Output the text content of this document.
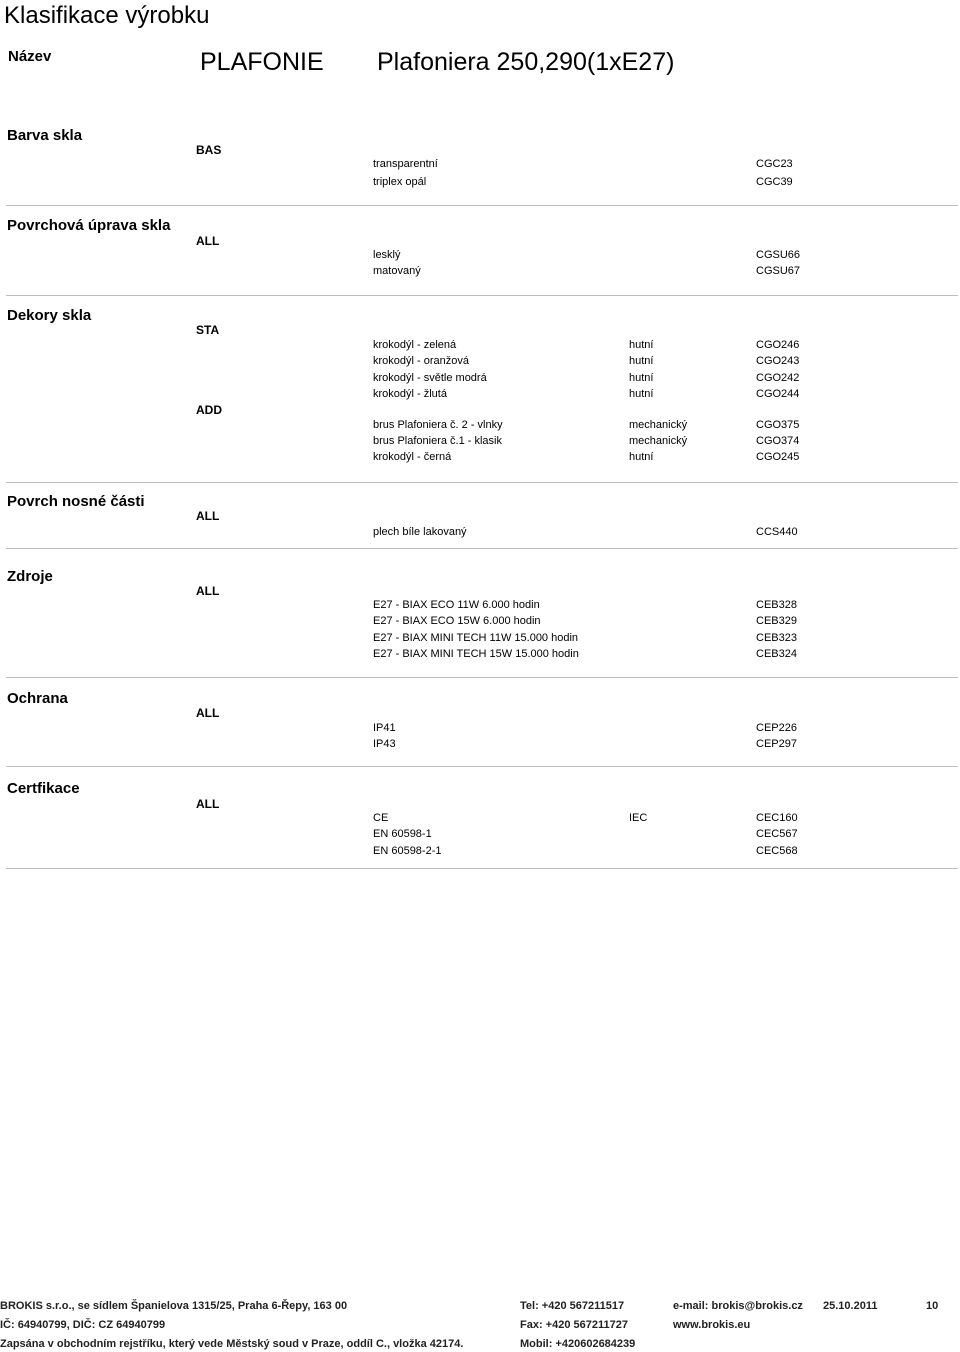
Klasifikace výrobku
Název	PLAFONIE Plafoniera 250,290(1xE27)
Barva skla
BAS
transparentní	CGC23
triplex opál	CGC39
Povrchová úprava skla
ALL
lesklý	CGSU66
matovaný	CGSU67
Dekory skla
STA
krokodýl - zelená	hutní	CGO246
krokodýl - oranžová	hutní	CGO243
krokodýl - světle modrá	hutní	CGO242
krokodýl - žlutá	hutní	CGO244
ADD
brus Plafoniera č. 2 - vlnky	mechanický	CGO375
brus Plafoniera č.1 - klasik	mechanický	CGO374
krokodýl - černá	hutní	CGO245
Povrch nosné části
ALL
plech bíle lakovaný	CCS440
Zdroje
ALL
E27 - BIAX ECO 11W 6.000 hodin	CEB328
E27 - BIAX ECO 15W 6.000 hodin	CEB329
E27 - BIAX MINI TECH 11W 15.000 hodin	CEB323
E27 - BIAX MINI TECH 15W 15.000 hodin	CEB324
Ochrana
ALL
IP41	CEP226
IP43	CEP297
Certfikace
ALL
CE	IEC	CEC160
EN 60598-1	CEC567
EN 60598-2-1	CEC568
BROKIS s.r.o., se sídlem Španielova 1315/25, Praha 6-Řepy, 163 00
IČ: 64940799, DIČ: CZ 64940799
Zapsána v obchodním rejstříku, který vede Městský soud v Praze, oddíl C., vložka 42174.
Tel: +420 567211517
Fax: +420 567211727
Mobil: +420602684239
e-mail: brokis@brokis.cz
www.brokis.eu
25.10.2011	10
